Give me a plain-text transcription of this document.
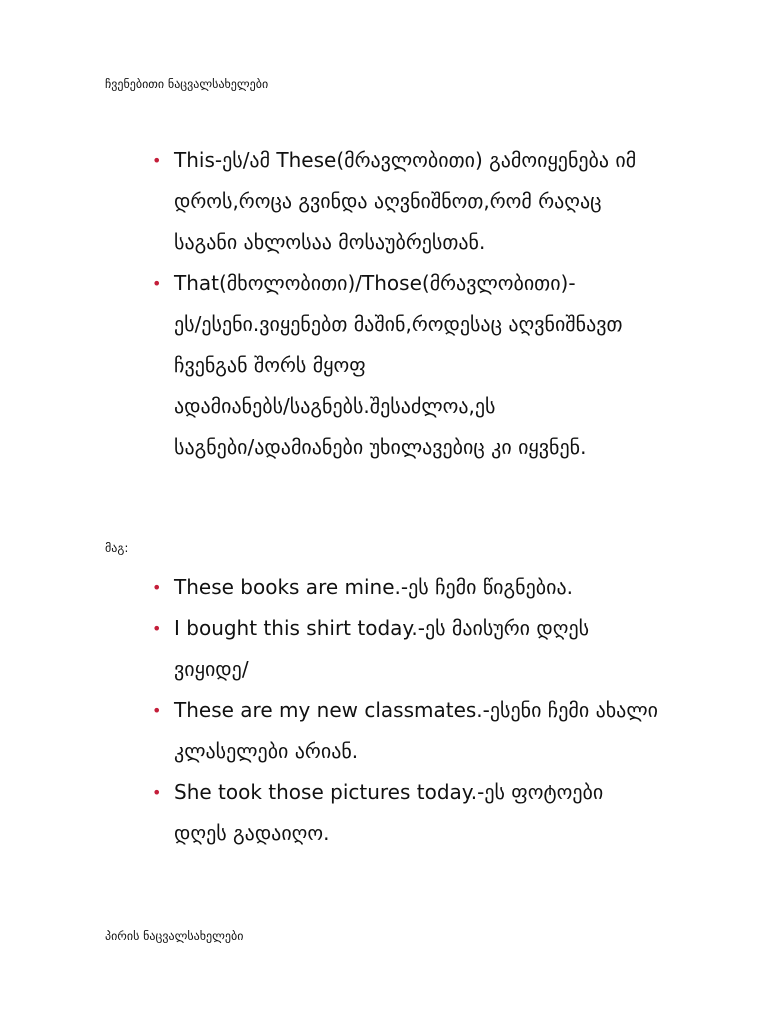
ჩვენებითი ნაცვალსახელები
• This-ეს/ამ These(მრავლობითი) გამოიყენება იმ
დროს,როცა გვინდა აღვნიშნოთ,რომ რაღაც
საგანი ახლოსაა მოსაუბრესთან.
• That(მხოლობითი)/Those(მრავლობითი)-
ეს/ესენი.ვიყენებთ მაშინ,როდესაც აღვნიშნავთ
ჩვენგან შორს მყოფ
ადამიანებს/საგნებს.შესაძლოა,ეს
საგნები/ადამიანები უხილავებიც კი იყვნენ.
მაგ:
• These books are mine.-ეს ჩემი წიგნებია.
• I bought this shirt today.-ეს მაისური დღეს
ვიყიდე/
• These are my new classmates.-ესენი ჩემი ახალი
კლასელები არიან.
• She took those pictures today.-ეს ფოტოები
დღეს გადაიღო.
პირის ნაცვალსახელები
